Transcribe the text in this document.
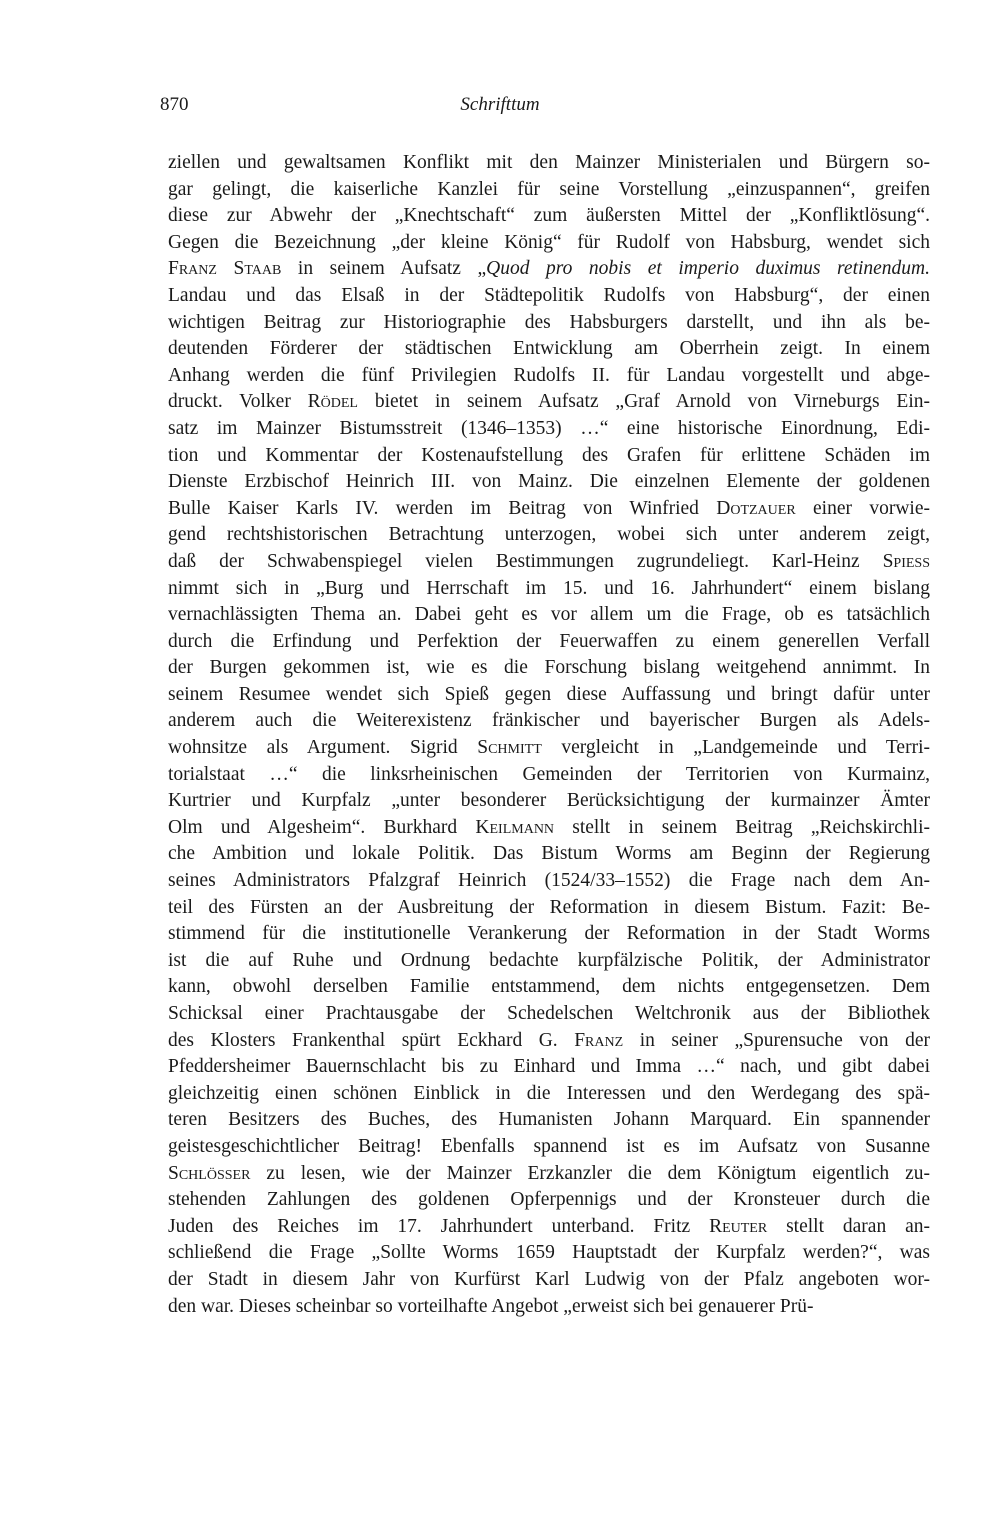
870	Schrifttum
ziellen und gewaltsamen Konflikt mit den Mainzer Ministerialen und Bürgern so-
gar gelingt, die kaiserliche Kanzlei für seine Vorstellung „einzuspannen“, greifen
diese zur Abwehr der „Knechtschaft“ zum äußersten Mittel der „Konfliktlösung“.
Gegen die Bezeichnung „der kleine König“ für Rudolf von Habsburg, wendet sich
Franz Staab in seinem Aufsatz „Quod pro nobis et imperio duximus retinendum.
Landau und das Elsaß in der Städtepolitik Rudolfs von Habsburg“, der einen
wichtigen Beitrag zur Historiographie des Habsburgers darstellt, und ihn als be-
deutenden Förderer der städtischen Entwicklung am Oberrhein zeigt. In einem
Anhang werden die fünf Privilegien Rudolfs II. für Landau vorgestellt und abge-
druckt. Volker Rödel bietet in seinem Aufsatz „Graf Arnold von Virneburgs Ein-
satz im Mainzer Bistumsstreit (1346–1353) …“ eine historische Einordnung, Edi-
tion und Kommentar der Kostenaufstellung des Grafen für erlittene Schäden im
Dienste Erzbischof Heinrich III. von Mainz. Die einzelnen Elemente der goldenen
Bulle Kaiser Karls IV. werden im Beitrag von Winfried Dotzauer einer vorwie-
gend rechtshistorischen Betrachtung unterzogen, wobei sich unter anderem zeigt,
daß der Schwabenspiegel vielen Bestimmungen zugrundeliegt. Karl-Heinz Spiess
nimmt sich in „Burg und Herrschaft im 15. und 16. Jahrhundert“ einem bislang
vernachlässigten Thema an. Dabei geht es vor allem um die Frage, ob es tatsächlich
durch die Erfindung und Perfektion der Feuerwaffen zu einem generellen Verfall
der Burgen gekommen ist, wie es die Forschung bislang weitgehend annimmt. In
seinem Resumee wendet sich Spieß gegen diese Auffassung und bringt dafür unter
anderem auch die Weiterexistenz fränkischer und bayerischer Burgen als Adels-
wohnsitze als Argument. Sigrid Schmitt vergleicht in „Landgemeinde und Terri-
torialstaat …“ die linksrheinischen Gemeinden der Territorien von Kurmainz,
Kurtrier und Kurpfalz „unter besonderer Berücksichtigung der kurmainzer Ämter
Olm und Algesheim“. Burkhard Keilmann stellt in seinem Beitrag „Reichskirchli-
che Ambition und lokale Politik. Das Bistum Worms am Beginn der Regierung
seines Administrators Pfalzgraf Heinrich (1524/33–1552) die Frage nach dem An-
teil des Fürsten an der Ausbreitung der Reformation in diesem Bistum. Fazit: Be-
stimmend für die institutionelle Verankerung der Reformation in der Stadt Worms
ist die auf Ruhe und Ordnung bedachte kurpfälzische Politik, der Administrator
kann, obwohl derselben Familie entstammend, dem nichts entgegensetzen. Dem
Schicksal einer Prachtausgabe der Schedelschen Weltchronik aus der Bibliothek
des Klosters Frankenthal spürt Eckhard G. Franz in seiner „Spurensuche von der
Pfeddersheimer Bauernschlacht bis zu Einhard und Imma …“ nach, und gibt dabei
gleichzeitig einen schönen Einblick in die Interessen und den Werdegang des spä-
teren Besitzers des Buches, des Humanisten Johann Marquard. Ein spannender
geistesgeschichtlicher Beitrag! Ebenfalls spannend ist es im Aufsatz von Susanne
Schlösser zu lesen, wie der Mainzer Erzkanzler die dem Königtum eigentlich zu-
stehenden Zahlungen des goldenen Opferpennigs und der Kronsteuer durch die
Juden des Reiches im 17. Jahrhundert unterband. Fritz Reuter stellt daran an-
schließend die Frage „Sollte Worms 1659 Hauptstadt der Kurpfalz werden?“, was
der Stadt in diesem Jahr von Kurfürst Karl Ludwig von der Pfalz angeboten wor-
den war. Dieses scheinbar so vorteilhafte Angebot „erweist sich bei genauerer Prü-
